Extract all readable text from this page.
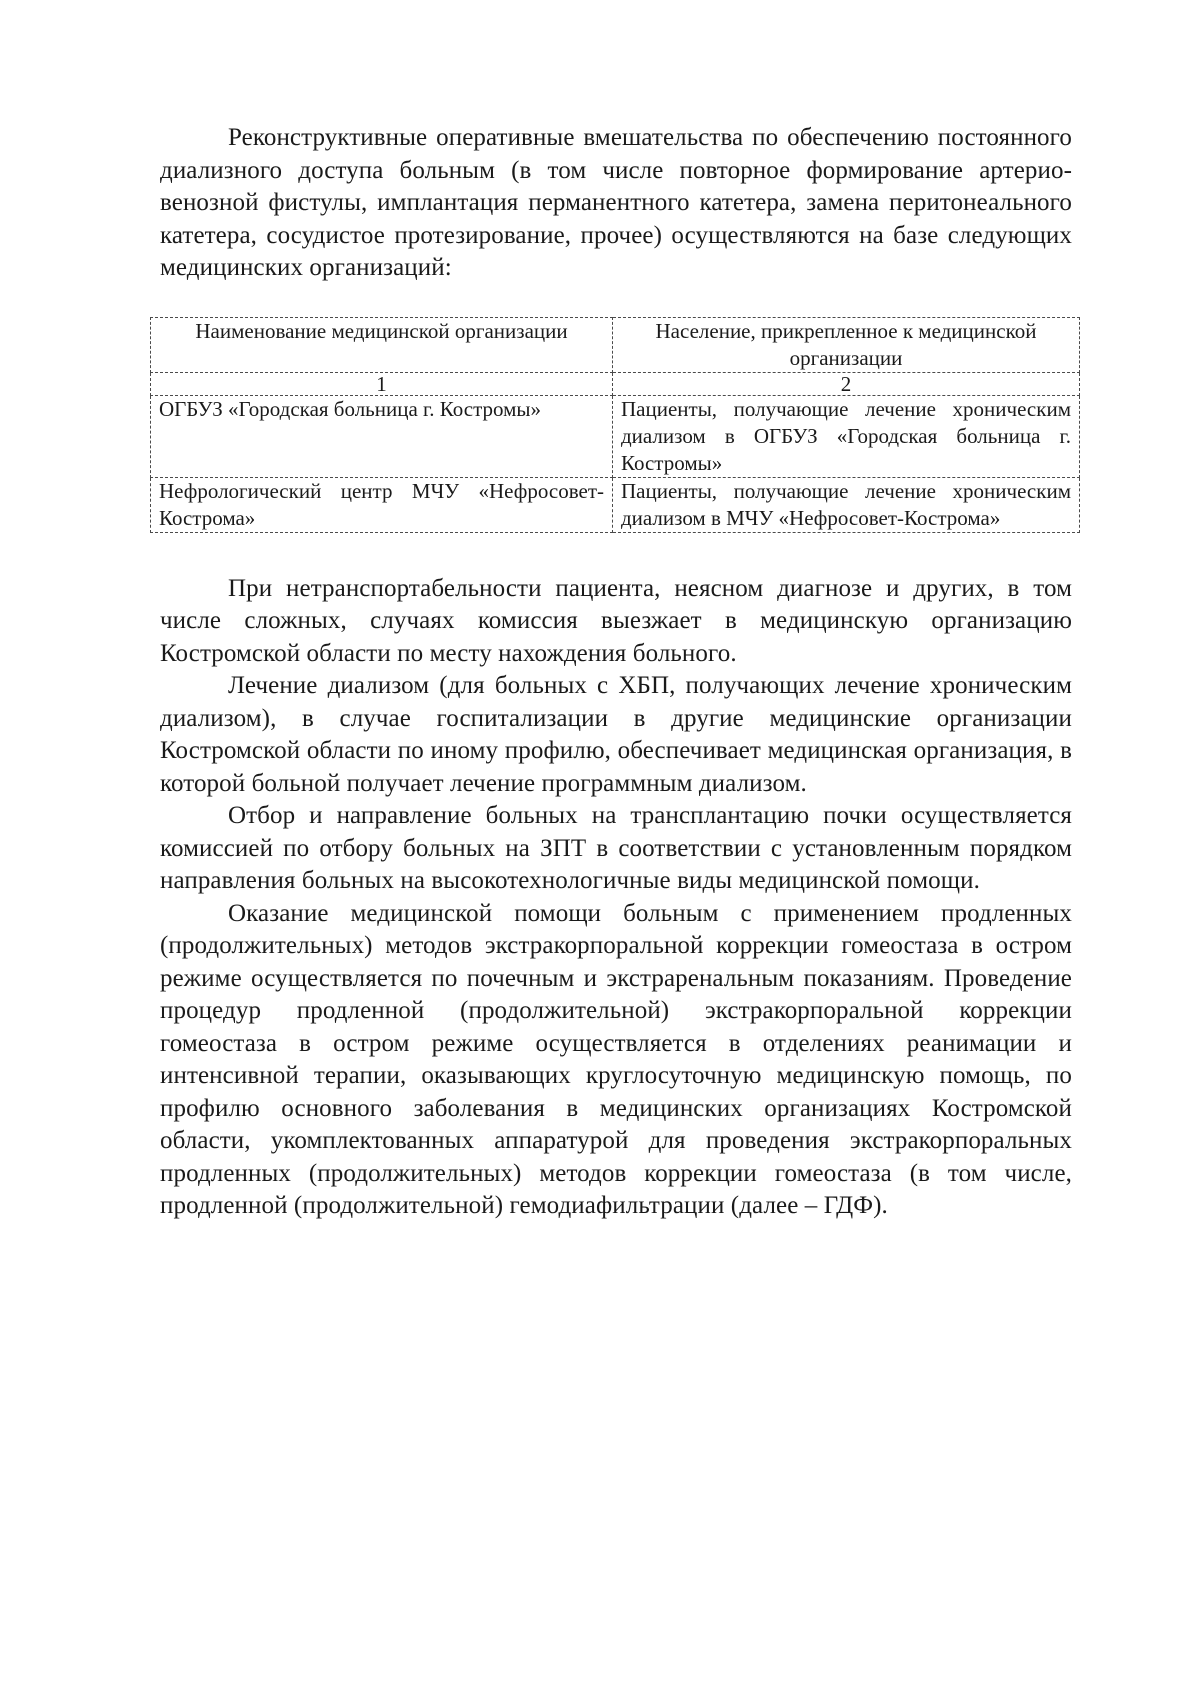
Реконструктивные оперативные вмешательства по обеспечению постоянного диализного доступа больным (в том числе повторное формирование артерио-венозной фистулы, имплантация перманентного катетера, замена перитонеального катетера, сосудистое протезирование, прочее) осуществляются на базе следующих медицинских организаций:

Наименование медицинской организации	Население, прикрепленное к медицинской организации
1	2
ОГБУЗ «Городская больница г. Костромы»	Пациенты, получающие лечение хроническим диализом в ОГБУЗ «Городская больница г. Костромы»
Нефрологический центр МЧУ «Нефросовет-Кострома»	Пациенты, получающие лечение хроническим диализом в МЧУ «Нефросовет-Кострома»

При нетранспортабельности пациента, неясном диагнозе и других, в том числе сложных, случаях комиссия выезжает в медицинскую организацию Костромской области по месту нахождения больного.

Лечение диализом (для больных с ХБП, получающих лечение хроническим диализом), в случае госпитализации в другие медицинские организации Костромской области по иному профилю, обеспечивает медицинская организация, в которой больной получает лечение программным диализом.

Отбор и направление больных на трансплантацию почки осуществляется комиссией по отбору больных на ЗПТ в соответствии с установленным порядком направления больных на высокотехнологичные виды медицинской помощи.

Оказание медицинской помощи больным с применением продленных (продолжительных) методов экстракорпоральной коррекции гомеостаза в остром режиме осуществляется по почечным и экстраренальным показаниям. Проведение процедур продленной (продолжительной) экстракорпоральной коррекции гомеостаза в остром режиме осуществляется в отделениях реанимации и интенсивной терапии, оказывающих круглосуточную медицинскую помощь, по профилю основного заболевания в медицинских организациях Костромской области, укомплектованных аппаратурой для проведения экстракорпоральных продленных (продолжительных) методов коррекции гомеостаза (в том числе, продленной (продолжительной) гемодиафильтрации (далее – ГДФ).
